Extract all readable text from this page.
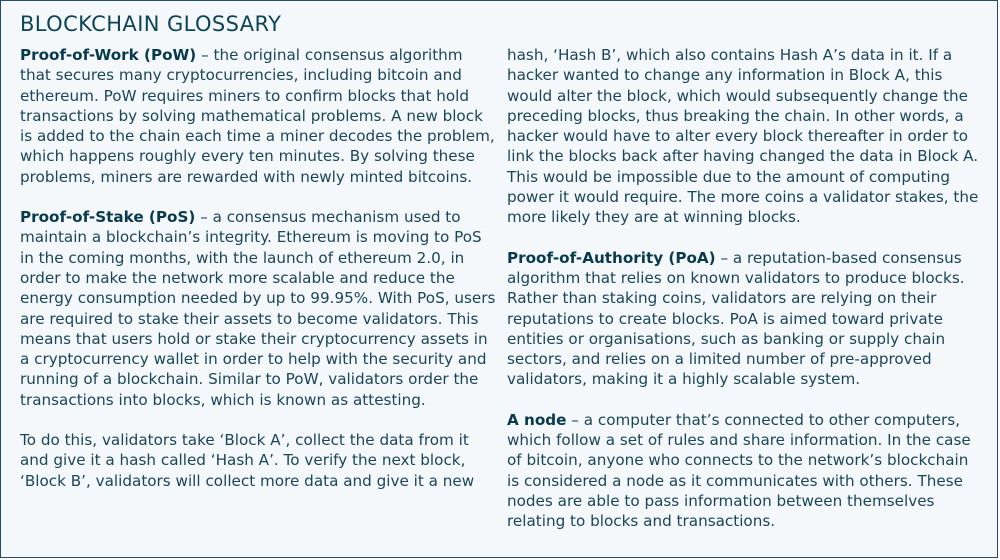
BLOCKCHAIN GLOSSARY

Proof-of-Work (PoW) – the original consensus algorithm that secures many cryptocurrencies, including bitcoin and ethereum. PoW requires miners to confirm blocks that hold transactions by solving mathematical problems. A new block is added to the chain each time a miner decodes the problem, which happens roughly every ten minutes. By solving these problems, miners are rewarded with newly minted bitcoins.

Proof-of-Stake (PoS) – a consensus mechanism used to maintain a blockchain’s integrity. Ethereum is moving to PoS in the coming months, with the launch of ethereum 2.0, in order to make the network more scalable and reduce the energy consumption needed by up to 99.95%. With PoS, users are required to stake their assets to become validators. This means that users hold or stake their cryptocurrency assets in a cryptocurrency wallet in order to help with the security and running of a blockchain. Similar to PoW, validators order the transactions into blocks, which is known as attesting.

To do this, validators take ‘Block A’, collect the data from it and give it a hash called ‘Hash A’. To verify the next block, ‘Block B’, validators will collect more data and give it a new

hash, ‘Hash B’, which also contains Hash A’s data in it. If a hacker wanted to change any information in Block A, this would alter the block, which would subsequently change the preceding blocks, thus breaking the chain. In other words, a hacker would have to alter every block thereafter in order to link the blocks back after having changed the data in Block A. This would be impossible due to the amount of computing power it would require. The more coins a validator stakes, the more likely they are at winning blocks.

Proof-of-Authority (PoA) – a reputation-based consensus algorithm that relies on known validators to produce blocks. Rather than staking coins, validators are relying on their reputations to create blocks. PoA is aimed toward private entities or organisations, such as banking or supply chain sectors, and relies on a limited number of pre-approved validators, making it a highly scalable system.

A node – a computer that’s connected to other computers, which follow a set of rules and share information. In the case of bitcoin, anyone who connects to the network’s blockchain is considered a node as it communicates with others. These nodes are able to pass information between themselves relating to blocks and transactions.
